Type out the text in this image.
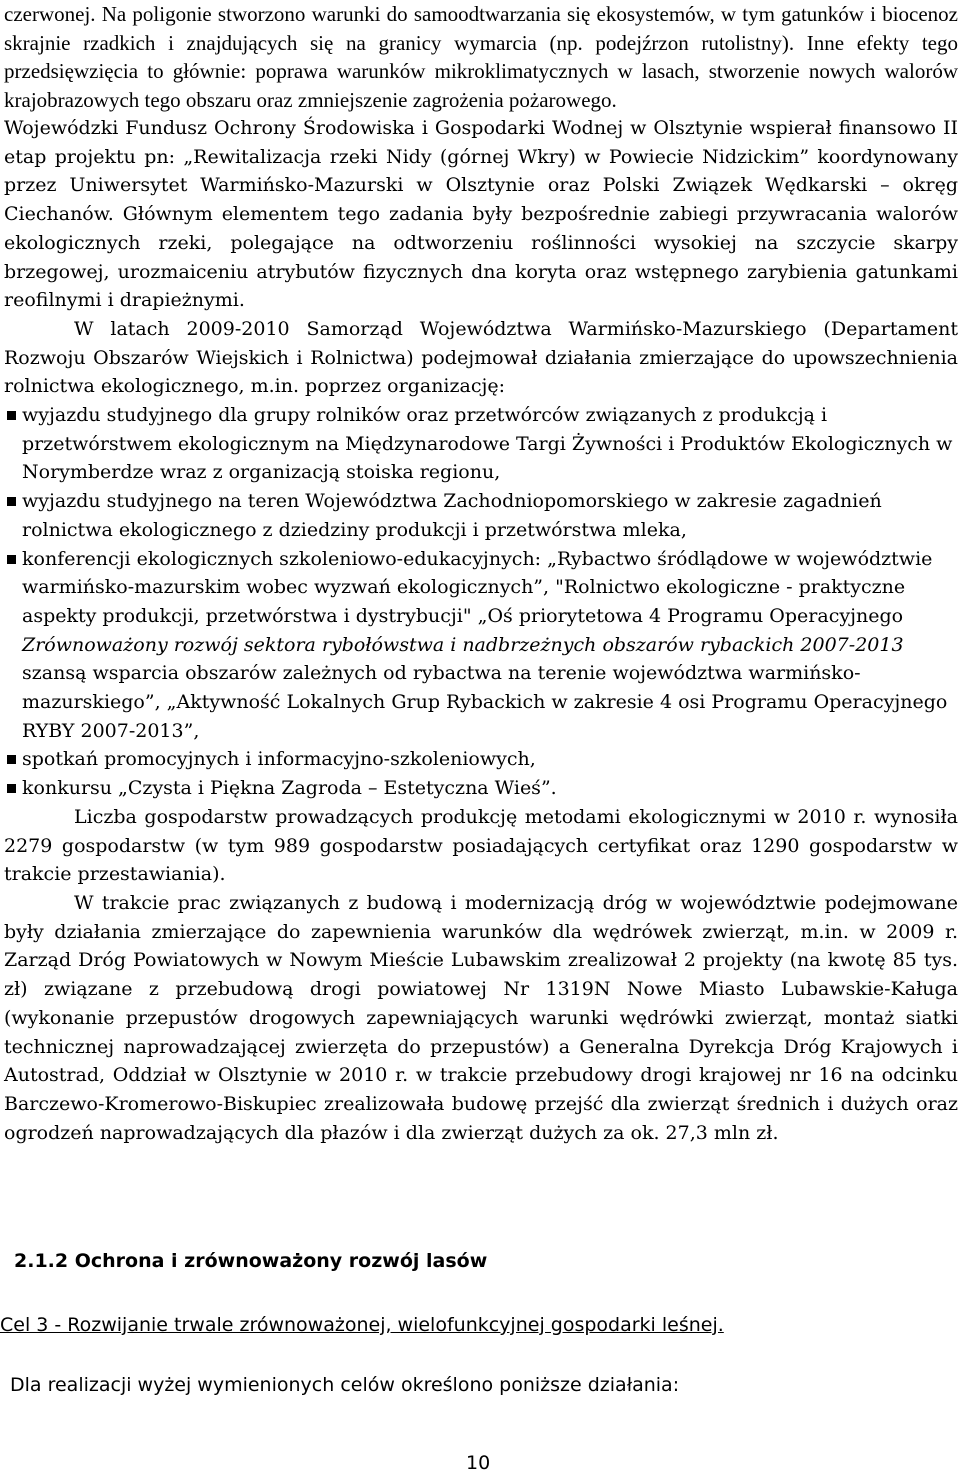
czerwonej. Na poligonie stworzono warunki do samoodtwarzania się ekosystemów, w tym gatunków i biocenoz skrajnie rzadkich i znajdujących się na granicy wymarcia (np. podejźrzon rutolistny). Inne efekty tego przedsięwzięcia to głównie: poprawa warunków mikroklimatycznych w lasach, stworzenie nowych walorów krajobrazowych tego obszaru oraz zmniejszenie zagrożenia pożarowego.

Wojewódzki Fundusz Ochrony Środowiska i Gospodarki Wodnej w Olsztynie wspierał finansowo II etap projektu pn: „Rewitalizacja rzeki Nidy (górnej Wkry) w Powiecie Nidzickim” koordynowany przez Uniwersytet Warmińsko-Mazurski w Olsztynie oraz Polski Związek Wędkarski – okręg Ciechanów. Głównym elementem tego zadania były bezpośrednie zabiegi przywracania walorów ekologicznych rzeki, polegające na odtworzeniu roślinności wysokiej na szczycie skarpy brzegowej, urozmaiceniu atrybutów fizycznych dna koryta oraz wstępnego zarybienia gatunkami reofilnymi i drapieżnymi.

W latach 2009-2010 Samorząd Województwa Warmińsko-Mazurskiego (Departament Rozwoju Obszarów Wiejskich i Rolnictwa) podejmował działania zmierzające do upowszechnienia rolnictwa ekologicznego, m.in. poprzez organizację:

wyjazdu studyjnego dla grupy rolników oraz przetwórców związanych z produkcją i przetwórstwem ekologicznym na Międzynarodowe Targi Żywności i Produktów Ekologicznych w Norymberdze wraz z organizacją stoiska regionu,
wyjazdu studyjnego na teren Województwa Zachodniopomorskiego w zakresie zagadnień rolnictwa ekologicznego z dziedziny produkcji i przetwórstwa mleka,
konferencji ekologicznych szkoleniowo-edukacyjnych: „Rybactwo śródlądowe w województwie warmińsko-mazurskim wobec wyzwań ekologicznych”, "Rolnictwo ekologiczne - praktyczne aspekty produkcji, przetwórstwa i dystrybucji" „Oś priorytetowa 4 Programu Operacyjnego Zrównoważony rozwój sektora rybołówstwa i nadbrzeżnych obszarów rybackich 2007-2013 szansą wsparcia obszarów zależnych od rybactwa na terenie województwa warmińsko-mazurskiego”, „Aktywność Lokalnych Grup Rybackich w zakresie 4 osi Programu Operacyjnego RYBY 2007-2013”,
spotkań promocyjnych i informacyjno-szkoleniowych,
konkursu „Czysta i Piękna Zagroda – Estetyczna Wieś”.

Liczba gospodarstw prowadzących produkcję metodami ekologicznymi w 2010 r. wynosiła 2279 gospodarstw (w tym 989 gospodarstw posiadających certyfikat oraz 1290 gospodarstw w trakcie przestawiania).

W trakcie prac związanych z budową i modernizacją dróg w województwie podejmowane były działania zmierzające do zapewnienia warunków dla wędrówek zwierząt, m.in. w 2009 r. Zarząd Dróg Powiatowych w Nowym Mieście Lubawskim zrealizował 2 projekty (na kwotę 85 tys. zł) związane z przebudową drogi powiatowej Nr 1319N Nowe Miasto Lubawskie-Kaługa (wykonanie przepustów drogowych zapewniających warunki wędrówki zwierząt, montaż siatki technicznej naprowadzającej zwierzęta do przepustów) a Generalna Dyrekcja Dróg Krajowych i Autostrad, Oddział w Olsztynie w 2010 r. w trakcie przebudowy drogi krajowej nr 16 na odcinku Barczewo-Kromerowo-Biskupiec zrealizowała budowę przejść dla zwierząt średnich i dużych oraz ogrodzeń naprowadzających dla płazów i dla zwierząt dużych za ok. 27,3 mln zł.

2.1.2 Ochrona i zrównoważony rozwój lasów
Cel 3 - Rozwijanie trwale zrównoważonej, wielofunkcyjnej gospodarki leśnej.
Dla realizacji wyżej wymienionych celów określono poniższe działania:
10
